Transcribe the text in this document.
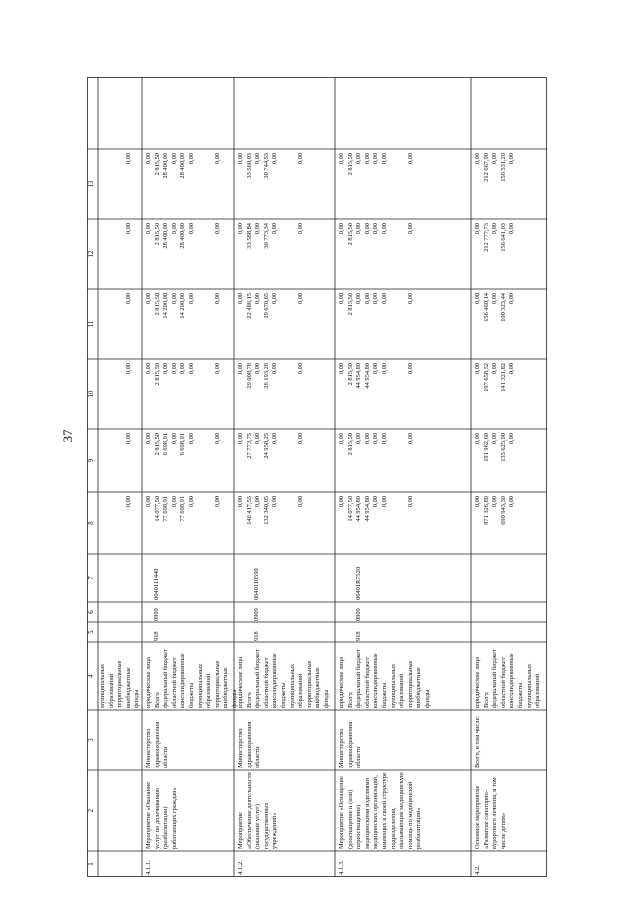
37
1
2
3
4
5
6
7
8
9
10
11
12
13
муниципальных
образований
территориальные
внебюджетные
фонды
0,00
0,00
0,00
0,00
0,00
0,00
4.1.1.
Мероприятие «Оказание услуг по долечиванию (реабилитации) работающих граждан»
Министерство здравоохранения области
юридические лица
Всего
федеральный бюджет
областной бюджет
консолидированные
бюджеты
муниципальных
образований
территориальные
внебюджетные
фонды
918
0909
0640111440
0,00
14 077,50
77 698,91
0,00
77 698,91
0,00

0,00
0,00
2 815,50
6 698,91
0,00
6 698,91
0,00

0,00
0,00
2 815,50
0,00
0,00
0,00
0,00

0,00
0,00
2 815,50
14 200,00
0,00
14 200,00
0,00

0,00
0,00
2 815,50
28 400,00
0,00
28 400,00
0,00

0,00
0,00
2 815,50
28 400,00
0,00
28 400,00
0,00

0,00
4.1.2.
Мероприятие «Обеспечение деятельности (оказание услуг) государственных учреждений»
Министерство здравоохранения области
юридические лица
Всего
федеральный бюджет
областной бюджет
консолидированные
бюджеты
муниципальных
образований
территориальные
внебюджетные
фонды
918
0909
0640110590
0,00
146 417,55
0,00
132 340,05
0,00

0,00
0,00
27 773,75
0,00
24 958,25
0,00

0,00
0,00
29 008,78
0,00
26 193,28
0,00

0,00
0,00
22 486,15
0,00
19 670,65
0,00

0,00
0,00
33 588,84
0,00
30 773,34
0,00

0,00
0,00
33 560,03
0,00
30 744,53
0,00

0,00
4.1.3.
Мероприятие «Оснащение (дооснащение и (или) переоснащение) медицинскими изделиями медицинских организаций, имеющих в своей структуре подразделения, оказывающие медицинскую помощь по медицинской реабилитации»
Министерство здравоохранения области
юридические лица
Всего
федеральный бюджет
областной бюджет
консолидированные
бюджеты
муниципальных
образований
территориальные
внебюджетные
фонды
918
0909
06401R7520
0,00
14 077,50
44 954,80
44 954,80
0,00
0,00

0,00
0,00
2 815,50
0,00
0,00
0,00
0,00

0,00
0,00
2 815,50
44 954,80
44 954,80
0,00
0,00

0,00
0,00
2 815,50
0,00
0,00
0,00
0,00

0,00
0,00
2 815,50
0,00
0,00
0,00
0,00

0,00
0,00
2 815,50
0,00
0,00
0,00
0,00

0,00
4.2.
Основное мероприятие «Развитие санаторно-курортного лечения, в том числе детям»
Всего, в том числе:
юридические лица
Всего
федеральный бюджет
областной бюджет
консолидированные
бюджеты
муниципальных
образований
0,00
971 326,89
0,00
690 943,39
0,00
0,00
191 962,60
0,00
135 625,90
0,00
0,00
197 658,52
0,00
141 321,82
0,00
0,00
156 460,14
0,00
100 323,44
0,00
0,00
212 777,73
0,00
156 641,03
0,00
0,00
212 667,90
0,00
156 531,20
0,00
